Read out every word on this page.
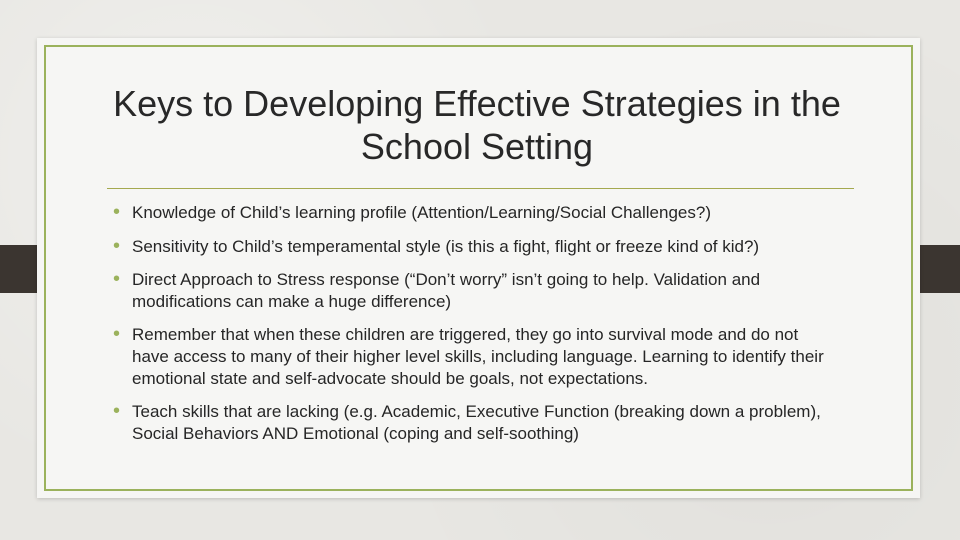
Keys to Developing Effective Strategies in the School Setting
• Knowledge of Child’s learning profile (Attention/Learning/Social Challenges?)
• Sensitivity to Child’s temperamental style (is this a fight, flight or freeze kind of kid?)
• Direct Approach to Stress response (“Don’t worry” isn’t going to help. Validation and modifications can make a huge difference)
• Remember that when these children are triggered, they go into survival mode and do not have access to many of their higher level skills, including language. Learning to identify their emotional state and self-advocate should be goals, not expectations.
• Teach skills that are lacking (e.g. Academic, Executive Function (breaking down a problem), Social Behaviors AND Emotional (coping and self-soothing)
